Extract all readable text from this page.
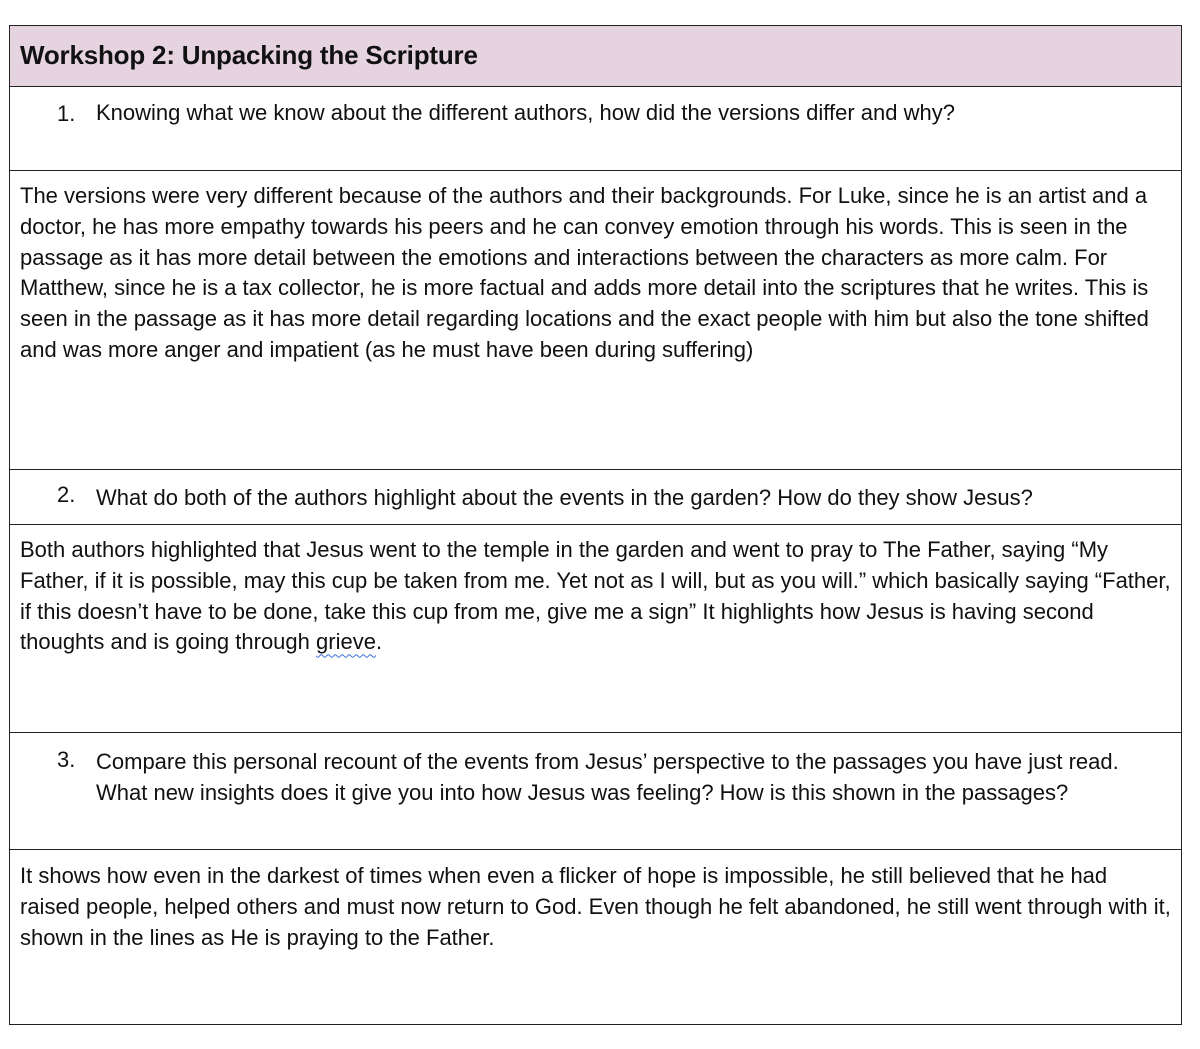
Workshop 2: Unpacking the Scripture
1. Knowing what we know about the different authors, how did the versions differ and why?

The versions were very different because of the authors and their backgrounds. For Luke, since he is an artist and a doctor, he has more empathy towards his peers and he can convey emotion through his words. This is seen in the passage as it has more detail between the emotions and interactions between the characters as more calm. For Matthew, since he is a tax collector, he is more factual and adds more detail into the scriptures that he writes. This is seen in the passage as it has more detail regarding locations and the exact people with him but also the tone shifted and was more anger and impatient (as he must have been during suffering)

2. What do both of the authors highlight about the events in the garden? How do they show Jesus?

Both authors highlighted that Jesus went to the temple in the garden and went to pray to The Father, saying “My Father, if it is possible, may this cup be taken from me. Yet not as I will, but as you will.” which basically saying “Father, if this doesn’t have to be done, take this cup from me, give me a sign” It highlights how Jesus is having second thoughts and is going through grieve.

3. Compare this personal recount of the events from Jesus’ perspective to the passages you have just read. What new insights does it give you into how Jesus was feeling? How is this shown in the passages?

It shows how even in the darkest of times when even a flicker of hope is impossible, he still believed that he had raised people, helped others and must now return to God. Even though he felt abandoned, he still went through with it, shown in the lines as He is praying to the Father.
